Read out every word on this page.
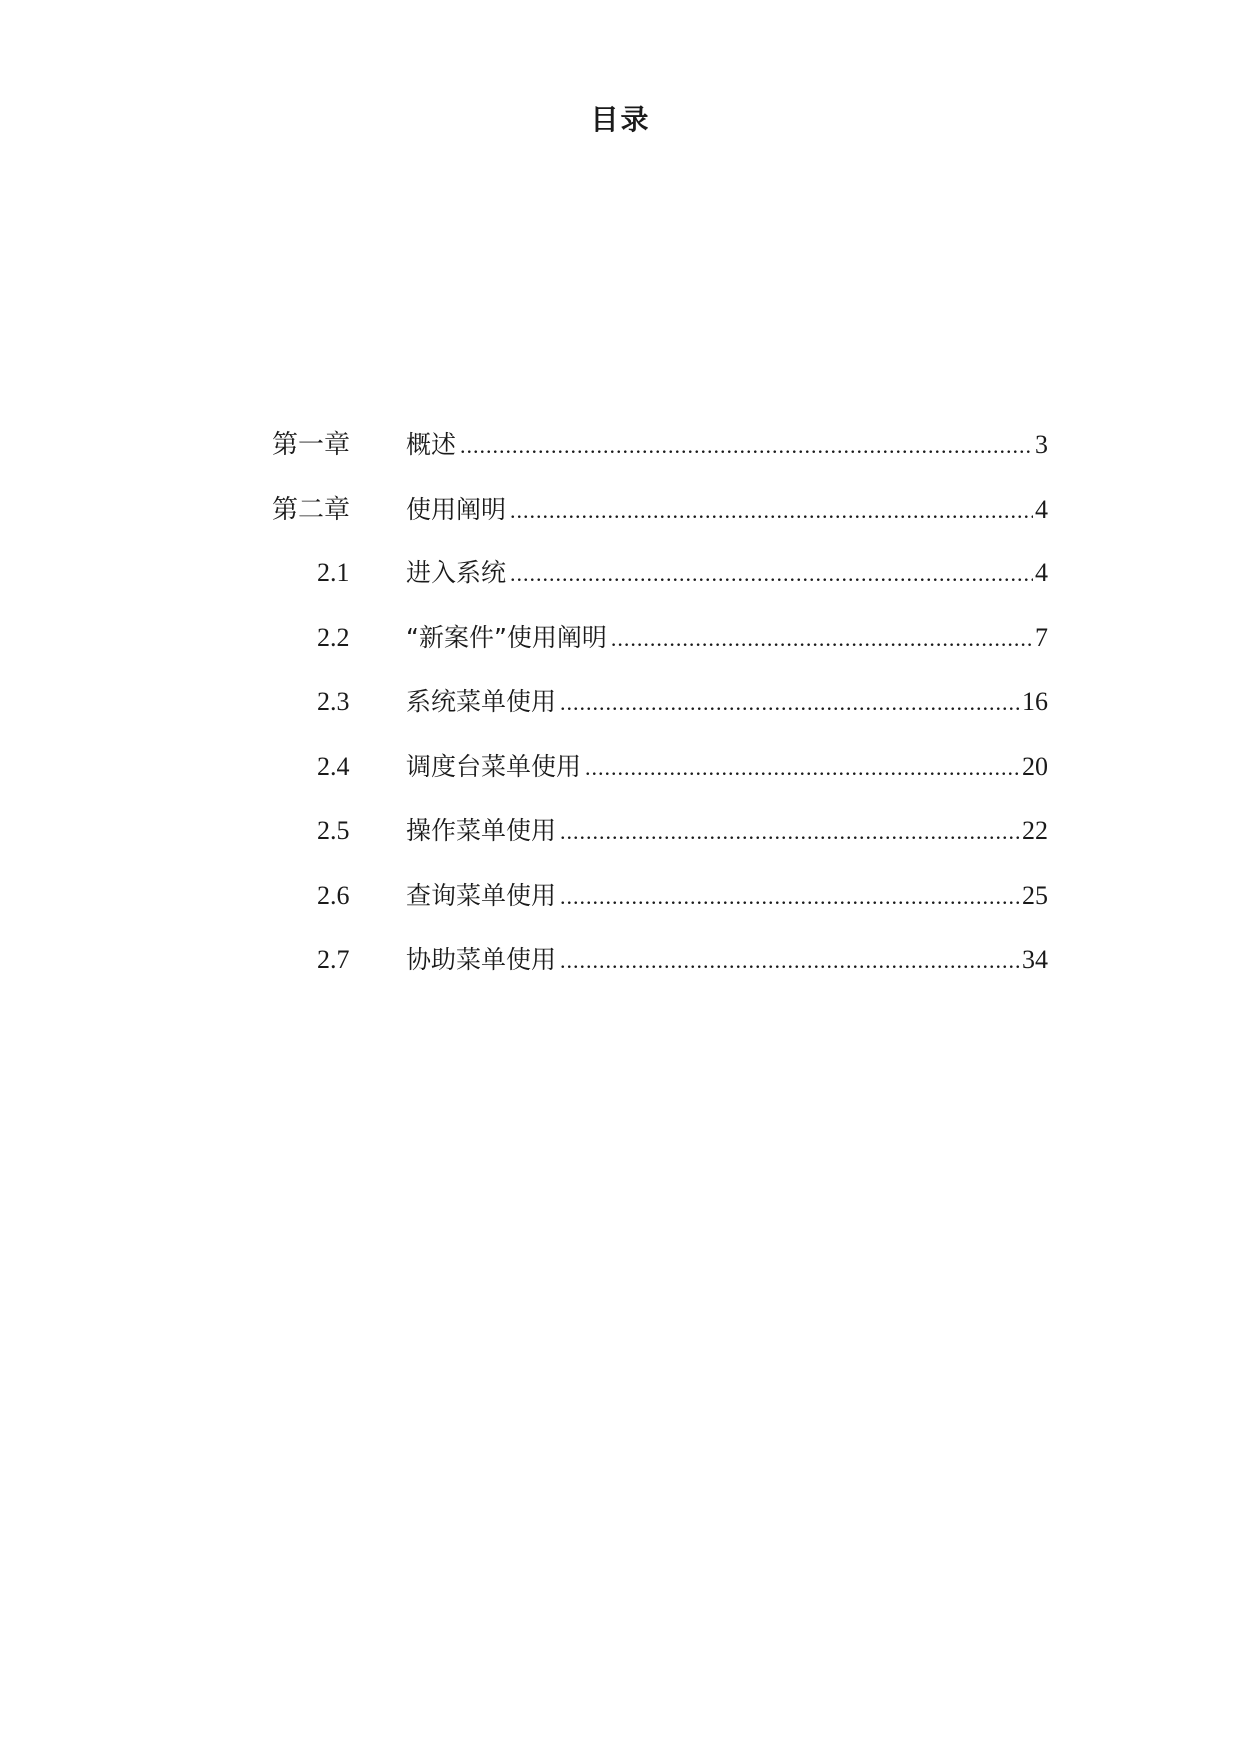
目录
第一章	概述 .....	3
第二章	使用阐明 .....	4
2.1	进入系统 .....	4
2.2	“新案件”使用阐明 .....	7
2.3	系统菜单使用 .....	16
2.4	调度台菜单使用 .....	20
2.5	操作菜单使用 .....	22
2.6	查询菜单使用 .....	25
2.7	协助菜单使用 .....	34
